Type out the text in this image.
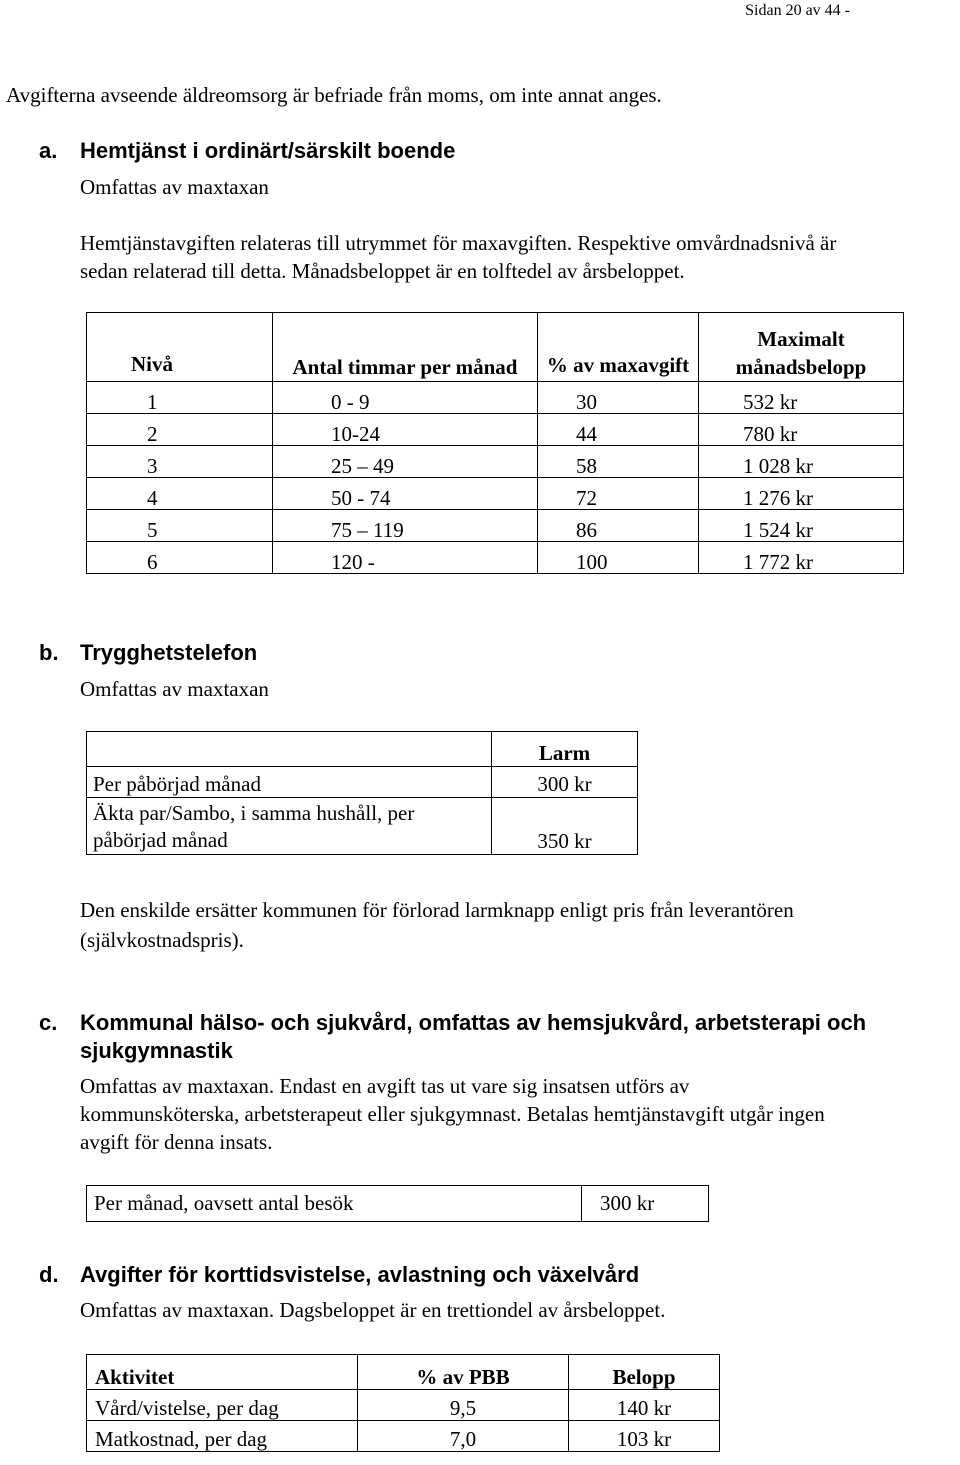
Sidan 20 av 44 -

Avgifterna avseende äldreomsorg är befriade från moms, om inte annat anges.

a. Hemtjänst i ordinärt/särskilt boende
Omfattas av maxtaxan
Hemtjänstavgiften relateras till utrymmet för maxavgiften. Respektive omvårdnadsnivå är
sedan relaterad till detta. Månadsbeloppet är en tolftedel av årsbeloppet.
Nivå	Antal timmar per månad	% av maxavgift	Maximalt månadsbelopp
1	0 - 9	30	532 kr
2	10-24	44	780 kr
3	25 – 49	58	1 028 kr
4	50 - 74	72	1 276 kr
5	75 – 119	86	1 524 kr
6	120 -	100	1 772 kr
b. Trygghetstelefon
Omfattas av maxtaxan
	Larm
Per påbörjad månad	300 kr
Äkta par/Sambo, i samma hushåll, per påbörjad månad	350 kr
Den enskilde ersätter kommunen för förlorad larmknapp enligt pris från leverantören
(självkostnadspris).
c. Kommunal hälso- och sjukvård, omfattas av hemsjukvård, arbetsterapi och
sjukgymnastik
Omfattas av maxtaxan. Endast en avgift tas ut vare sig insatsen utförs av
kommunsköterska, arbetsterapeut eller sjukgymnast. Betalas hemtjänstavgift utgår ingen
avgift för denna insats.
Per månad, oavsett antal besök	300 kr
d. Avgifter för korttidsvistelse, avlastning och växelvård
Omfattas av maxtaxan. Dagsbeloppet är en trettiondel av årsbeloppet.
Aktivitet	% av PBB	Belopp
Vård/vistelse, per dag	9,5	140 kr
Matkostnad, per dag	7,0	103 kr
